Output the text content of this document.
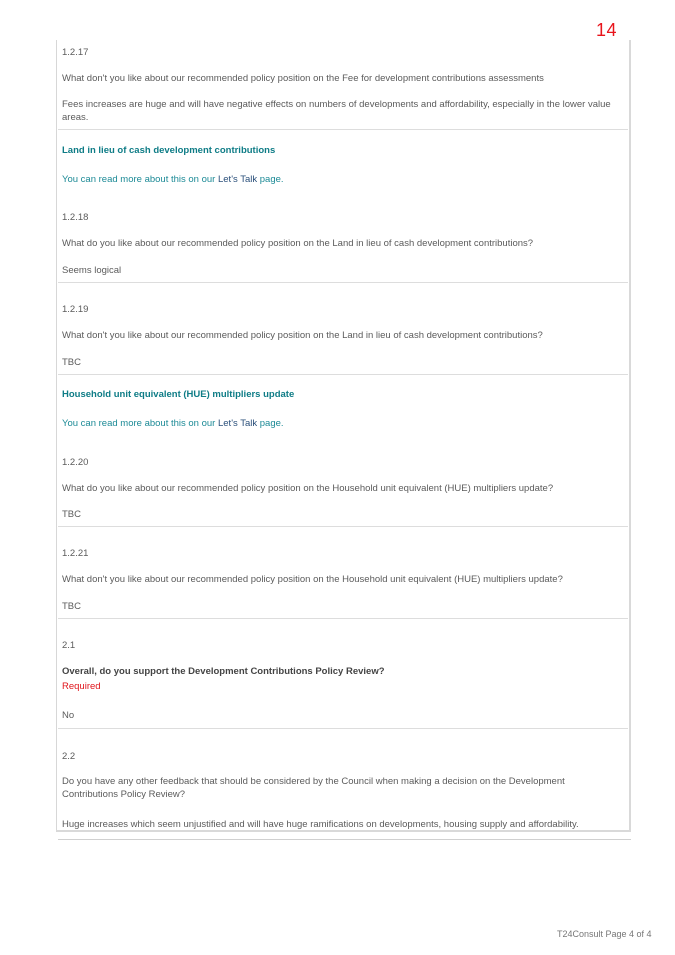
14
1.2.17
What don't you like about our recommended policy position on the Fee for development contributions assessments
Fees increases are huge and will have negative effects on numbers of developments and affordability, especially in the lower value areas.
Land in lieu of cash development contributions
You can read more about this on our Let's Talk page.
1.2.18
What do you like about our recommended policy position on the Land in lieu of cash development contributions?
Seems logical
1.2.19
What don't you like about our recommended policy position on the Land in lieu of cash development contributions?
TBC
Household unit equivalent (HUE) multipliers update
You can read more about this on our Let's Talk page.
1.2.20
What do you like about our recommended policy position on the Household unit equivalent (HUE) multipliers update?
TBC
1.2.21
What don't you like about our recommended policy position on the Household unit equivalent (HUE) multipliers update?
TBC
2.1
Overall, do you support the Development Contributions Policy Review?
Required
No
2.2
Do you have any other feedback that should be considered by the Council when making a decision on the Development Contributions Policy Review?
Huge increases which seem unjustified and will have huge ramifications on developments, housing supply and affordability.
T24Consult Page 4 of 4
